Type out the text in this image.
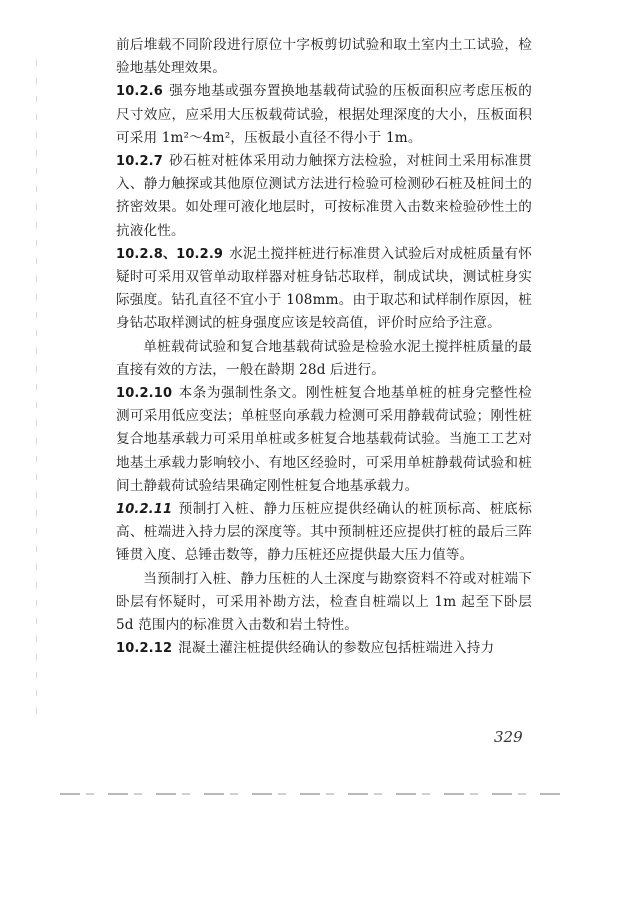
前后堆载不同阶段进行原位十字板剪切试验和取土室内土工试验，检验地基处理效果。

10.2.6 强夯地基或强夯置换地基载荷试验的压板面积应考虑压板的尺寸效应，应采用大压板载荷试验，根据处理深度的大小，压板面积可采用 1m²～4m²，压板最小直径不得小于 1m。

10.2.7 砂石桩对桩体采用动力触探方法检验，对桩间土采用标准贯入、静力触探或其他原位测试方法进行检验可检测砂石桩及桩间土的挤密效果。如处理可液化地层时，可按标准贯入击数来检验砂性土的抗液化性。

10.2.8、10.2.9 水泥土搅拌桩进行标准贯入试验后对成桩质量有怀疑时可采用双管单动取样器对桩身钻芯取样，制成试块，测试桩身实际强度。钻孔直径不宜小于 108mm。由于取芯和试样制作原因，桩身钻芯取样测试的桩身强度应该是较高值，评价时应给予注意。

单桩载荷试验和复合地基载荷试验是检验水泥土搅拌桩质量的最直接有效的方法，一般在龄期 28d 后进行。

10.2.10 本条为强制性条文。刚性桩复合地基单桩的桩身完整性检测可采用低应变法；单桩竖向承载力检测可采用静载荷试验；刚性桩复合地基承载力可采用单桩或多桩复合地基载荷试验。当施工工艺对地基土承载力影响较小、有地区经验时，可采用单桩静载荷试验和桩间土静载荷试验结果确定刚性桩复合地基承载力。

10.2.11 预制打入桩、静力压桩应提供经确认的桩顶标高、桩底标高、桩端进入持力层的深度等。其中预制桩还应提供打桩的最后三阵锤贯入度、总锤击数等，静力压桩还应提供最大压力值等。

当预制打入桩、静力压桩的人土深度与勘察资料不符或对桩端下卧层有怀疑时，可采用补勘方法，检查自桩端以上 1m 起至下卧层 5d 范围内的标准贯入击数和岩土特性。

10.2.12 混凝土灌注桩提供经确认的参数应包括桩端进入持力

329
